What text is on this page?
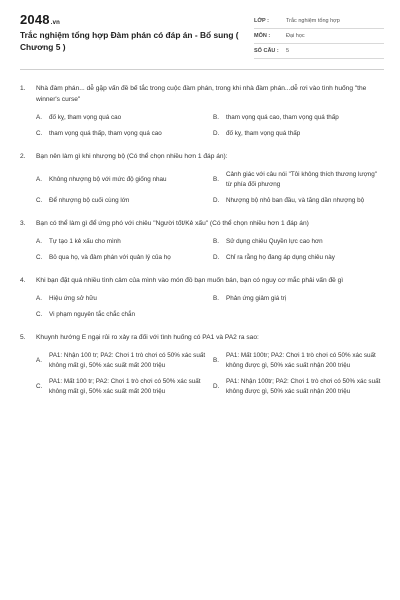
2048.vn
Trắc nghiệm tổng hợp Đàm phán có đáp án - Bổ sung ( Chương 5 )
LỚP :	Trắc nghiệm tổng hợp
MÔN :	Đại học
SỐ CÂU :	5
1.	Nhà đàm phán... dễ gặp vấn đề bế tắc trong cuộc đàm phán, trong khi nhà đàm phán...dễ rơi vào tình huống "the winner's curse"
A.	đố kỵ, tham vọng quá cao	B.	tham vọng quá cao, tham vọng quá thấp
C.	tham vọng quá thấp, tham vọng quá cao	D.	đố kỵ, tham vọng quá thấp
2.	Bạn nên làm gì khi nhượng bộ (Có thể chọn nhiều hơn 1 đáp án):
A.	Không nhượng bộ với mức độ giống nhau	B.
Cảnh giác với câu nói "Tôi không thích thương lượng" từ phía đối phương
C.	Để nhượng bộ cuối cùng lớn	D.	Nhượng bộ nhỏ ban đầu, và tăng dần nhượng bộ
3.	Bạn có thể làm gì để ứng phó với chiêu "Người tốt/Kẻ xấu" (Có thể chọn nhiều hơn 1 đáp án)
A.	Tự tạo 1 kẻ xấu cho mình	B.	Sử dụng chiêu Quyền lực cao hơn
C.	Bỏ qua họ, và đàm phán với quản lý của họ	D.	Chỉ ra rằng họ đang áp dụng chiêu này
4.	Khi bạn đặt quá nhiều tình cảm của mình vào món đồ bạn muốn bán, bạn có nguy cơ mắc phải vấn đề gì
A.	Hiệu ứng sở hữu	B.	Phản ứng giảm giá trị
C.	Vi phạm nguyên tắc chắc chắn
5.	Khuynh hướng E ngại rủi ro xảy ra đối với tình huống có PA1 và PA2 ra sao:
A.
PA1: Nhận 100 tr; PA2: Chơi 1 trò chơi có 50% xác suất không mất gì, 50% xác suất mất 200 triệu
B.
PA1: Mất 100tr; PA2: Chơi 1 trò chơi có 50% xác suất không được gì, 50% xác suất nhận 200 triệu
C.
PA1: Mất 100 tr; PA2: Chơi 1 trò chơi có 50% xác suất không mất gì, 50% xác suất mất 200 triệu
D.
PA1: Nhận 100tr; PA2: Chơi 1 trò chơi có 50% xác suất không được gì, 50% xác suất nhận 200 triệu
